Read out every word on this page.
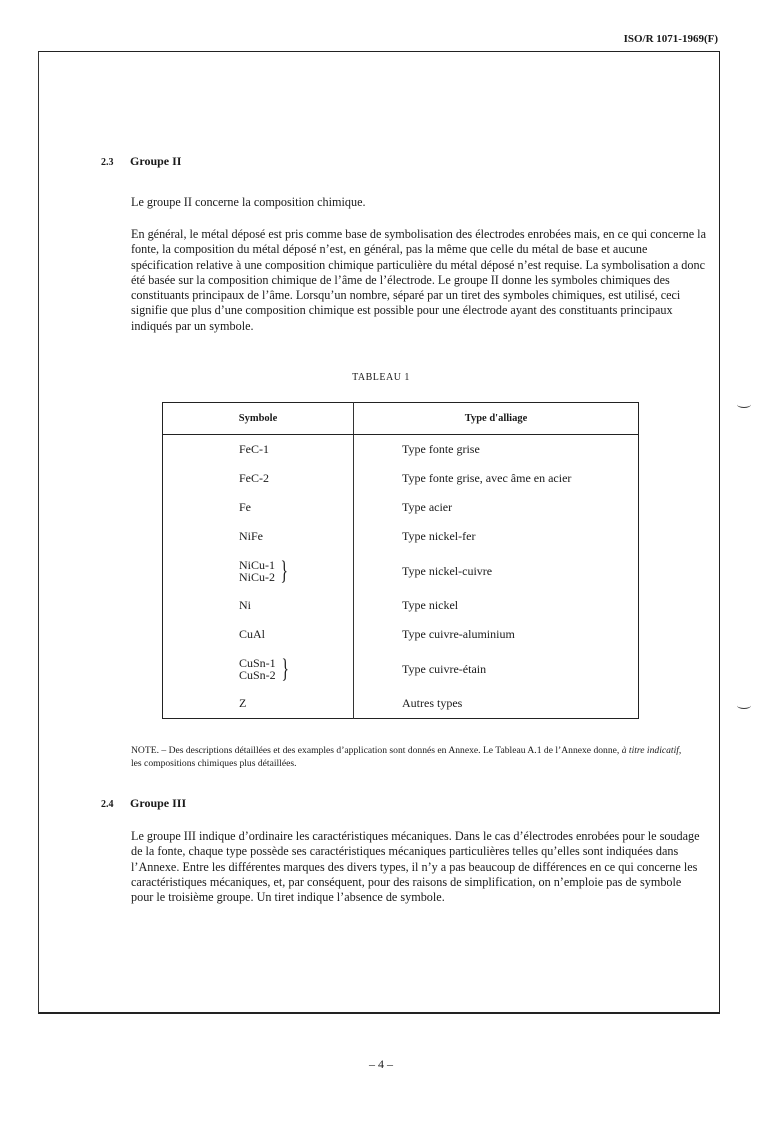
ISO/R 1071-1969(F)
2.3 Groupe II

Le groupe II concerne la composition chimique.

En général, le métal déposé est pris comme base de symbolisation des électrodes enrobées mais, en ce qui concerne la fonte, la composition du métal déposé n’est, en général, pas la même que celle du métal de base et aucune spécification relative à une composition chimique particulière du métal déposé n’est requise. La symbolisation a donc été basée sur la composition chimique de l’âme de l’électrode. Le groupe II donne les symboles chimiques des constituants principaux de l’âme. Lorsqu’un nombre, séparé par un tiret des symboles chimiques, est utilisé, ceci signifie que plus d’une composition chimique est possible pour une électrode ayant des constituants principaux indiqués par un symbole.

TABLEAU 1
Symbole	Type d'alliage
FeC-1	Type fonte grise
FeC-2	Type fonte grise, avec âme en acier
Fe	Type acier
NiFe	Type nickel-fer

NiCu-1
NiCu-2 }	Type nickel-cuivre
Ni	Type nickel
CuAl	Type cuivre-aluminium

CuSn-1
CuSn-2 }	Type cuivre-étain
Z	Autres types

NOTE. – Des descriptions détaillées et des examples d’application sont donnés en Annexe. Le Tableau A.1 de l’Annexe donne, à titre indicatif, les compositions chimiques plus détaillées.

2.4 Groupe III

Le groupe III indique d’ordinaire les caractéristiques mécaniques. Dans le cas d’électrodes enrobées pour le soudage de la fonte, chaque type possède ses caractéristiques mécaniques particulières telles qu’elles sont indiquées dans l’Annexe. Entre les différentes marques des divers types, il n’y a pas beaucoup de différences en ce qui concerne les caractéristiques mécaniques, et, par conséquent, pour des raisons de simplification, on n’emploie pas de symbole pour le troisième groupe. Un tiret indique l’absence de symbole.

– 4 –
